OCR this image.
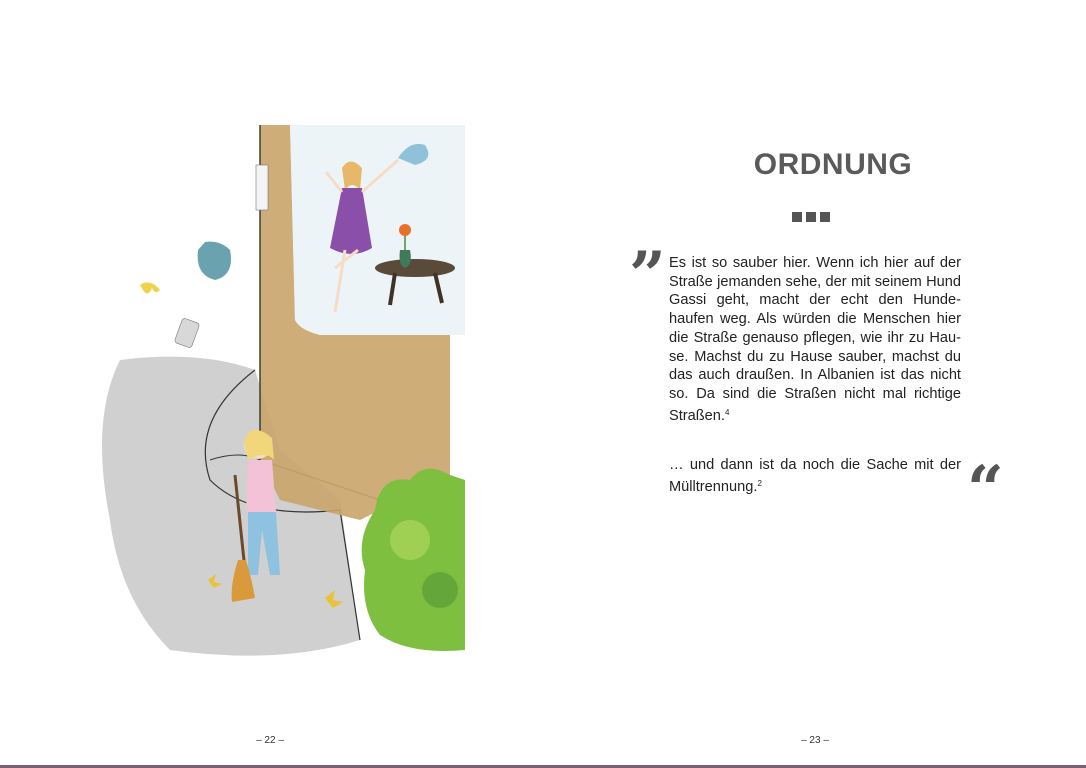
– 22 –
ORDNUNG
” Es ist so sauber hier. Wenn ich hier auf der Straße jemanden sehe, der mit seinem Hund Gassi geht, macht der echt den Hunde-haufen weg. Als würden die Menschen hier die Straße genauso pflegen, wie ihr zu Hau-se. Machst du zu Hause sauber, machst du das auch draußen. In Albanien ist das nicht so. Da sind die Straßen nicht mal richtige Straßen.$^4$

… und dann ist da noch die Sache mit der Mülltrennung.$^2$	“
– 23 –
